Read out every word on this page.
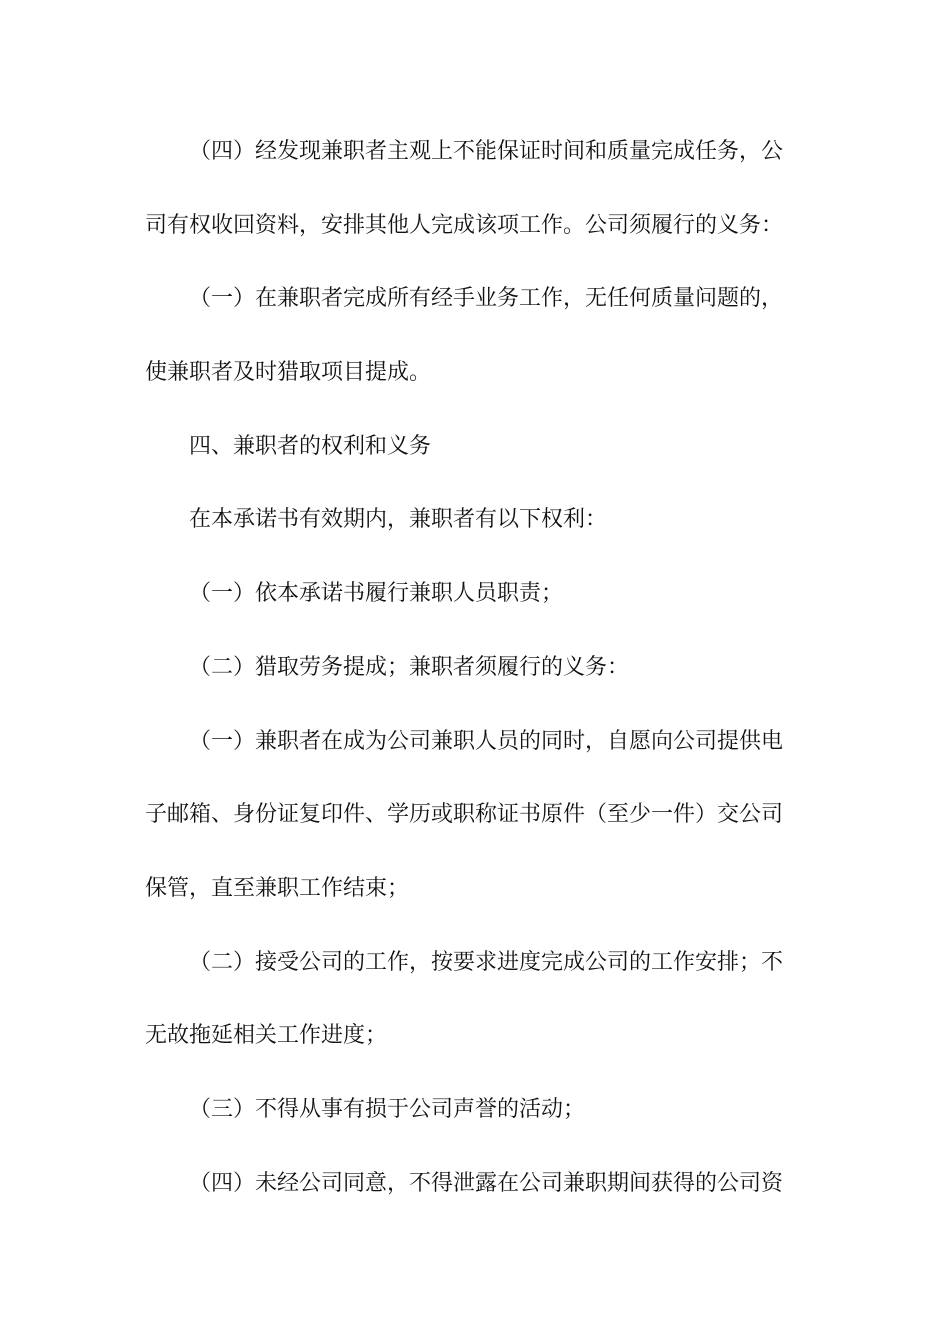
（四）经发现兼职者主观上不能保证时间和质量完成任务，公
司有权收回资料，安排其他人完成该项工作。公司须履行的义务：
（一）在兼职者完成所有经手业务工作，无任何质量问题的，
使兼职者及时猎取项目提成。
四、兼职者的权利和义务
在本承诺书有效期内，兼职者有以下权利：
（一）依本承诺书履行兼职人员职责；
（二）猎取劳务提成；兼职者须履行的义务：
（一）兼职者在成为公司兼职人员的同时，自愿向公司提供电
子邮箱、身份证复印件、学历或职称证书原件（至少一件）交公司
保管，直至兼职工作结束；
（二）接受公司的工作，按要求进度完成公司的工作安排；不
无故拖延相关工作进度；
（三）不得从事有损于公司声誉的活动；
（四）未经公司同意，不得泄露在公司兼职期间获得的公司资
